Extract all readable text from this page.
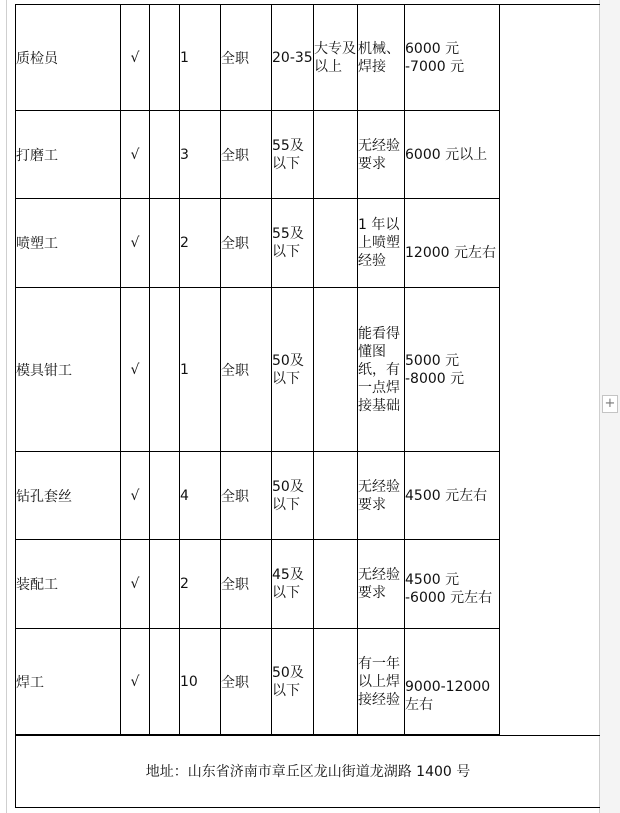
+
质检员	√		1	全职	20-35	大专及以上	机械、焊接	6000 元 -7000 元
打磨工	√		3	全职	55及以下		无经验要求	6000 元以上
喷塑工	√		2	全职	55及以下		1 年以上喷塑经验	12000 元左右
模具钳工	√		1	全职	50及以下		能看得懂图纸，有一点焊接基础	5000 元 -8000 元
钻孔套丝	√		4	全职	50及以下		无经验要求	4500 元左右
装配工	√		2	全职	45及以下		无经验要求	4500 元 -6000 元左右
焊工	√		10	全职	50及以下		有一年以上焊接经验	9000-12000 左右
地址：山东省济南市章丘区龙山街道龙湖路 1400 号
